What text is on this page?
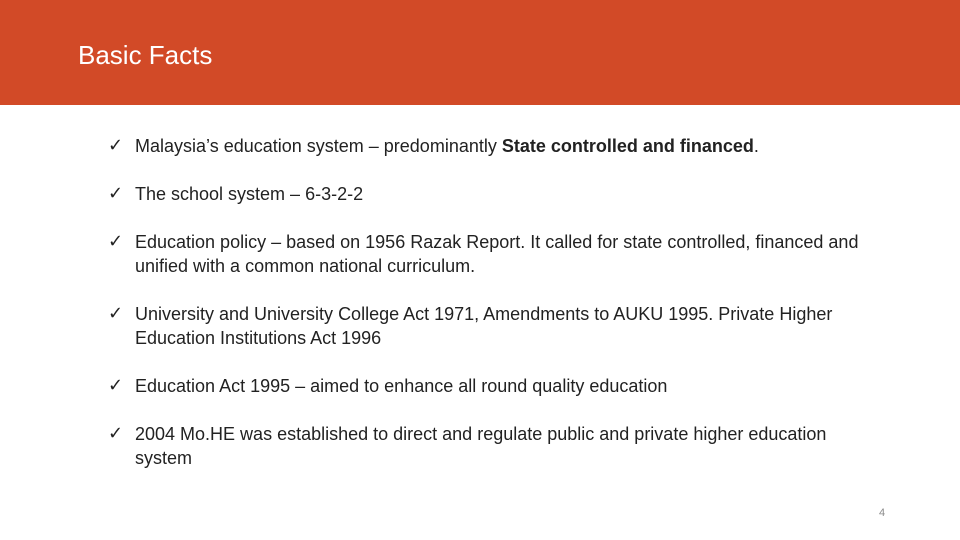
Basic Facts
✓ Malaysia’s education system – predominantly State controlled and financed.
✓ The school system – 6-3-2-2
✓ Education policy – based on 1956 Razak Report. It called for state controlled, financed and unified with a common national curriculum.
✓ University and University College Act 1971, Amendments to AUKU 1995. Private Higher Education Institutions Act 1996
✓ Education Act 1995 – aimed to enhance all round quality education
✓ 2004 Mo.HE was established to direct and regulate public and private higher education system
4
